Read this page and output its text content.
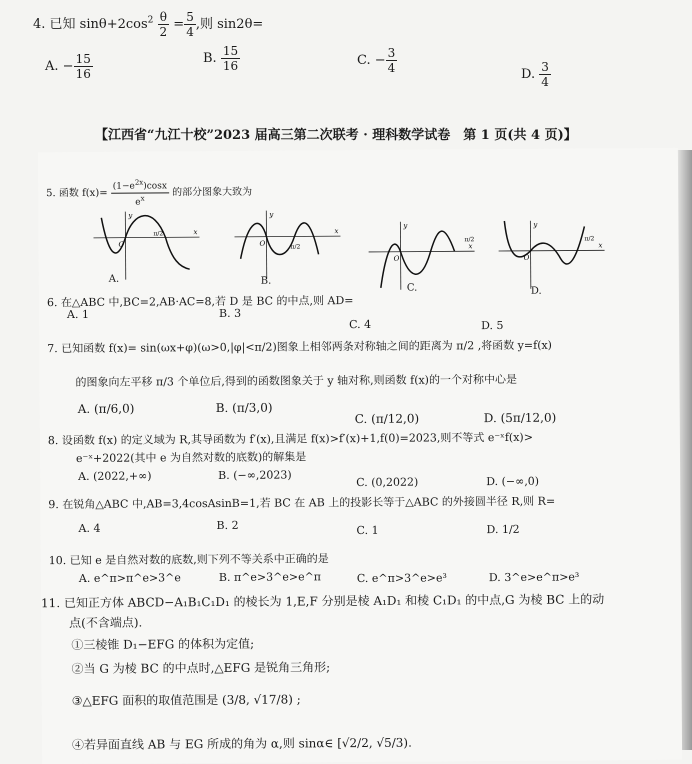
4. 已知 $\sin\theta+2\cos^2 \frac{\theta}{2} = \frac{5}{4}$ ,则 sin2θ=
A. − $\frac{15}{16}$	B. $\frac{15}{16}$	C. − $\frac{3}{4}$	D. $\frac{3}{4}$
【江西省“九江十校”2023 届高三第二次联考 · 理科数学试卷　第 1 页(共 4 页)】
5. 函数 $f(x)= \frac{(1-e^{2x})\cos x}{e^x}$ 的部分图象大致为
O
x
y
π/2
A.
O
x
y
π/2
B.
O
x
y
π/2
C.
O
x
y
π/2
D.
6. 在△ABC 中,BC=2,AB·AC=8,若 D 是 BC 的中点,则 AD=
A. 1	B. 3
C. 4	D. 5
7. 已知函数 f(x)= sin(ωx+φ)(ω>0,|φ|<π/2)图象上相邻两条对称轴之间的距离为 π/2 ,将函数 y=f(x)
的图象向左平移 π/3 个单位后,得到的函数图象关于 y 轴对称,则函数 f(x)的一个对称中心是
A. (π/6,0)	B. (π/3,0)
C. (π/12,0)	D. (5π/12,0)
8. 设函数 f(x) 的定义域为 R,其导函数为 f′(x),且满足 f(x)>f′(x)+1,f(0)=2023,则不等式 e⁻ˣf(x)>
e⁻ˣ+2022(其中 e 为自然对数的底数)的解集是
A. (2022,+∞)	B. (−∞,2023)
C. (0,2022)	D. (−∞,0)
9. 在锐角△ABC 中,AB=3,4cosAsinB=1,若 BC 在 AB 上的投影长等于△ABC 的外接圆半径 R,则 R=
A. 4	B. 2	C. 1	D. 1/2
10. 已知 e 是自然对数的底数,则下列不等关系中正确的是
A. e^π>π^e>3^e	B. π^e>3^e>e^π	C. e^π>3^e>e³	D. 3^e>e^π>e³
11. 已知正方体 ABCD−A₁B₁C₁D₁ 的棱长为 1,E,F 分别是棱 A₁D₁ 和棱 C₁D₁ 的中点,G 为棱 BC 上的动
点(不含端点).
①三棱锥 D₁−EFG 的体积为定值;
②当 G 为棱 BC 的中点时,△EFG 是锐角三角形;
③△EFG 面积的取值范围是 (3/8, √17/8) ;
④若异面直线 AB 与 EG 所成的角为 α,则 sinα∈ [√2/2, √5/3).
